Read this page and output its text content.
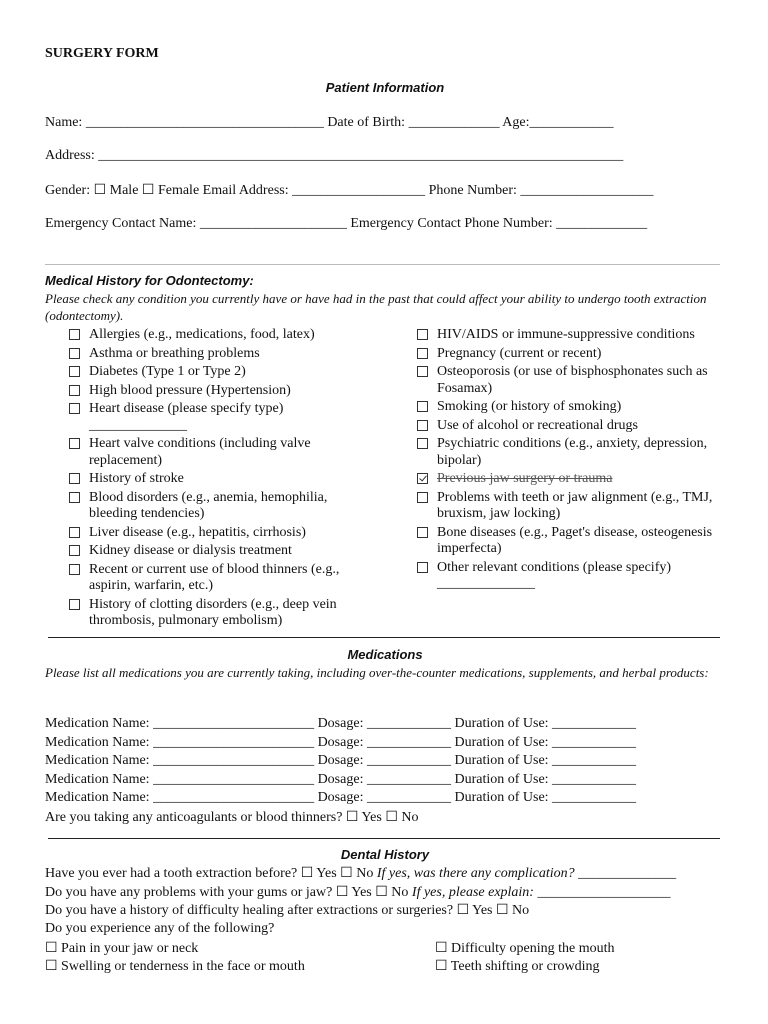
SURGERY FORM
Patient Information
Name: __________________________________ Date of Birth: _____________ Age:____________
Address: ___________________________________________________________________________
Gender: ☐ Male ☐ Female Email Address: ___________________ Phone Number: ___________________
Emergency Contact Name: _____________________ Emergency Contact Phone Number: _____________
Medical History for Odontectomy:
Please check any condition you currently have or have had in the past that could affect your ability to undergo tooth extraction (odontectomy).
Allergies (e.g., medications, food, latex)
Asthma or breathing problems
Diabetes (Type 1 or Type 2)
High blood pressure (Hypertension)
Heart disease (please specify type) ______________
Heart valve conditions (including valve replacement)
History of stroke
Blood disorders (e.g., anemia, hemophilia, bleeding tendencies)
Liver disease (e.g., hepatitis, cirrhosis)
Kidney disease or dialysis treatment
Recent or current use of blood thinners (e.g., aspirin, warfarin, etc.)
History of clotting disorders (e.g., deep vein thrombosis, pulmonary embolism)
HIV/AIDS or immune-suppressive conditions
Pregnancy (current or recent)
Osteoporosis (or use of bisphosphonates such as Fosamax)
Smoking (or history of smoking)
Use of alcohol or recreational drugs
Psychiatric conditions (e.g., anxiety, depression, bipolar)
Previous jaw surgery or trauma
Problems with teeth or jaw alignment (e.g., TMJ, bruxism, jaw locking)
Bone diseases (e.g., Paget's disease, osteogenesis imperfecta)
Other relevant conditions (please specify) ______________
Medications
Please list all medications you are currently taking, including over-the-counter medications, supplements, and herbal products:
Medication Name: _______________________ Dosage: ____________ Duration of Use: ____________
Medication Name: _______________________ Dosage: ____________ Duration of Use: ____________
Medication Name: _______________________ Dosage: ____________ Duration of Use: ____________
Medication Name: _______________________ Dosage: ____________ Duration of Use: ____________
Medication Name: _______________________ Dosage: ____________ Duration of Use: ____________
Are you taking any anticoagulants or blood thinners? ☐ Yes ☐ No
Dental History
Have you ever had a tooth extraction before? ☐ Yes ☐ No If yes, was there any complication? ______________
Do you have any problems with your gums or jaw? ☐ Yes ☐ No If yes, please explain: ___________________
Do you have a history of difficulty healing after extractions or surgeries? ☐ Yes ☐ No
Do you experience any of the following?
☐ Pain in your jaw or neck
☐ Swelling or tenderness in the face or mouth
☐ Difficulty opening the mouth
☐ Teeth shifting or crowding
